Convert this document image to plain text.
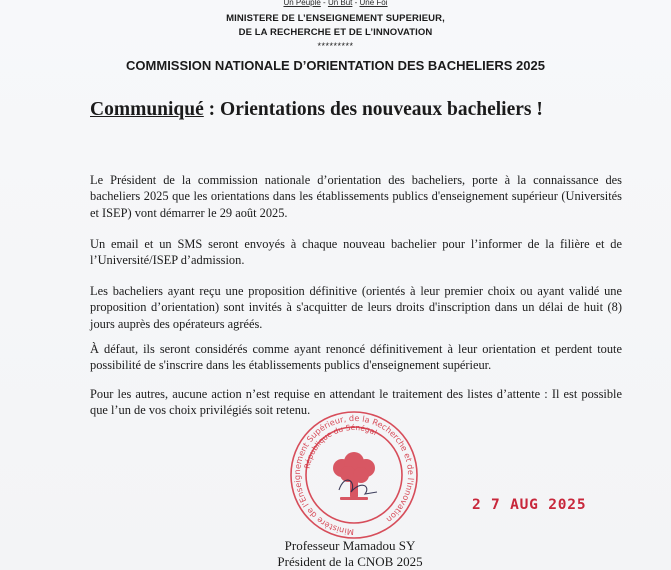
Un Peuple - Un But - Une Foi
MINISTERE DE L’ENSEIGNEMENT SUPERIEUR,
DE LA RECHERCHE ET DE L’INNOVATION
*********
COMMISSION NATIONALE D’ORIENTATION DES BACHELIERS 2025
Communiqué : Orientations des nouveaux bacheliers !
Le Président de la commission nationale d’orientation des bacheliers, porte à la connaissance des bacheliers 2025 que les orientations dans les établissements publics d'enseignement supérieur (Universités et ISEP) vont démarrer le 29 août 2025.
Un email et un SMS seront envoyés à chaque nouveau bachelier pour l’informer de la filière et de l’Université/ISEP d’admission.
Les bacheliers ayant reçu une proposition définitive (orientés à leur premier choix ou ayant validé une proposition d’orientation) sont invités à s'acquitter de leurs droits d'inscription dans un délai de huit (8) jours auprès des opérateurs agréés.
À défaut, ils seront considérés comme ayant renoncé définitivement à leur orientation et perdent toute possibilité de s'inscrire dans les établissements publics d'enseignement supérieur.
Pour les autres, aucune action n’est requise en attendant le traitement des listes d’attente : Il est possible que l’un de vos choix privilégiés soit retenu.
Ministère de l'Enseignement Supérieur, de la Recherche et de l'Innovation
République du Sénégal
2 7 AUG 2025
Professeur Mamadou SY
Président de la CNOB 2025
